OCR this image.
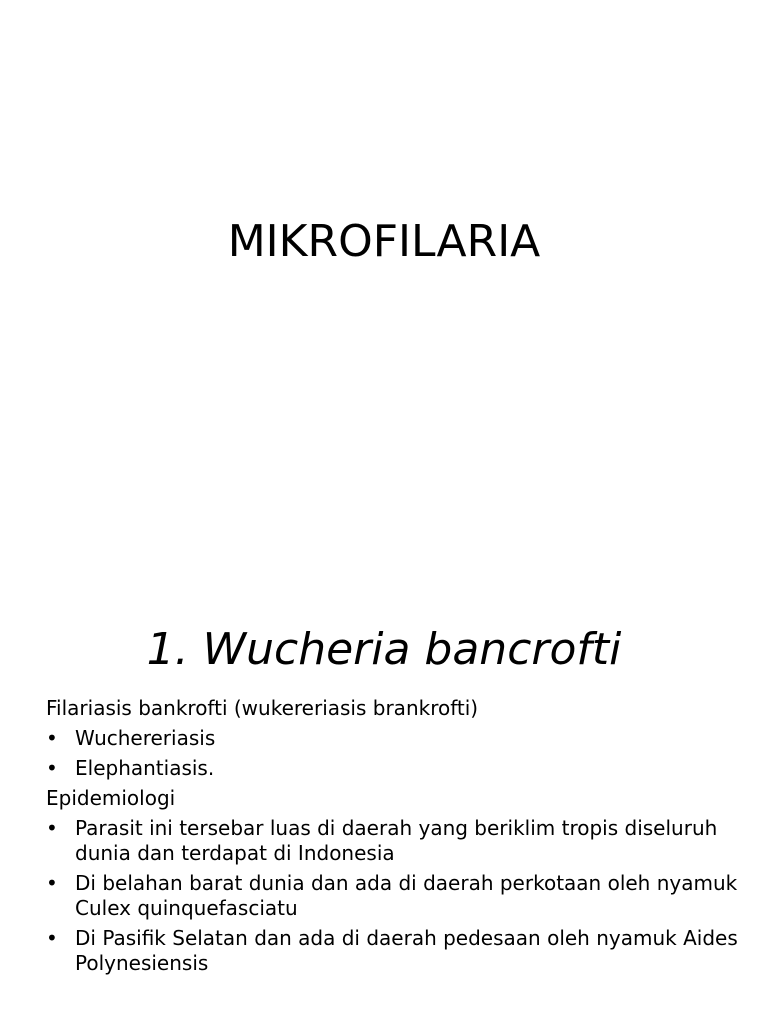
MIKROFILARIA
1. Wucheria bancrofti

Filariasis bankrofti (wukereriasis brankrofti)

• Wuchereriasis

• Elephantiasis.

Epidemiologi

• Parasit ini tersebar luas di daerah yang beriklim tropis diseluruh dunia dan terdapat di Indonesia

• Di belahan barat dunia dan ada di daerah perkotaan oleh nyamuk Culex quinquefasciatu

• Di Pasifik Selatan dan ada di daerah pedesaan oleh nyamuk Aides Polynesiensis
